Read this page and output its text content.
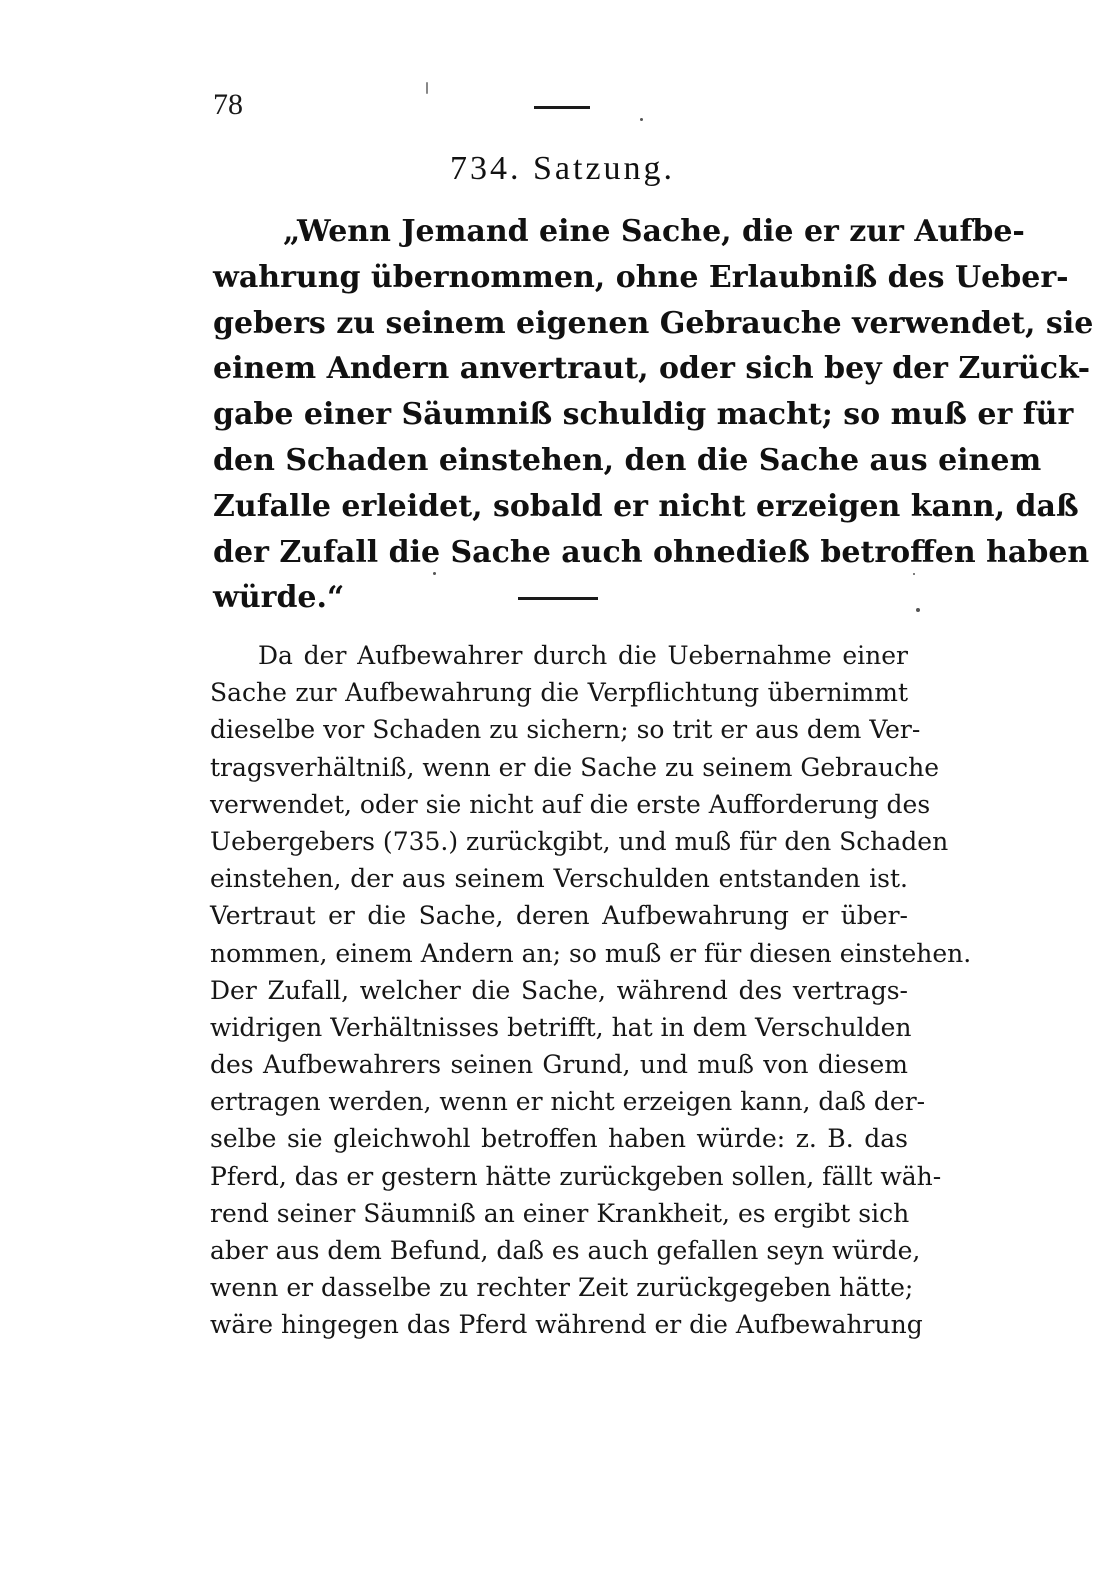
78
734. Satzung.
„Wenn Jemand eine Sache, die er zur Aufbe-
wahrung übernommen, ohne Erlaubniß des Ueber-
gebers zu seinem eigenen Gebrauche verwendet, sie
einem Andern anvertraut, oder sich bey der Zurück-
gabe einer Säumniß schuldig macht; so muß er für
den Schaden einstehen, den die Sache aus einem
Zufalle erleidet, sobald er nicht erzeigen kann, daß
der Zufall die Sache auch ohnedieß betroffen haben
würde.“
Da der Aufbewahrer durch die Uebernahme einer
Sache zur Aufbewahrung die Verpflichtung übernimmt
dieselbe vor Schaden zu sichern; so trit er aus dem Ver-
tragsverhältniß, wenn er die Sache zu seinem Gebrauche
verwendet, oder sie nicht auf die erste Aufforderung des
Uebergebers (735.) zurückgibt, und muß für den Schaden
einstehen, der aus seinem Verschulden entstanden ist.
Vertraut er die Sache, deren Aufbewahrung er über-
nommen, einem Andern an; so muß er für diesen einstehen.
Der Zufall, welcher die Sache, während des vertrags-
widrigen Verhältnisses betrifft, hat in dem Verschulden
des Aufbewahrers seinen Grund, und muß von diesem
ertragen werden, wenn er nicht erzeigen kann, daß der-
selbe sie gleichwohl betroffen haben würde: z. B. das
Pferd, das er gestern hätte zurückgeben sollen, fällt wäh-
rend seiner Säumniß an einer Krankheit, es ergibt sich
aber aus dem Befund, daß es auch gefallen seyn würde,
wenn er dasselbe zu rechter Zeit zurückgegeben hätte;
wäre hingegen das Pferd während er die Aufbewahrung
